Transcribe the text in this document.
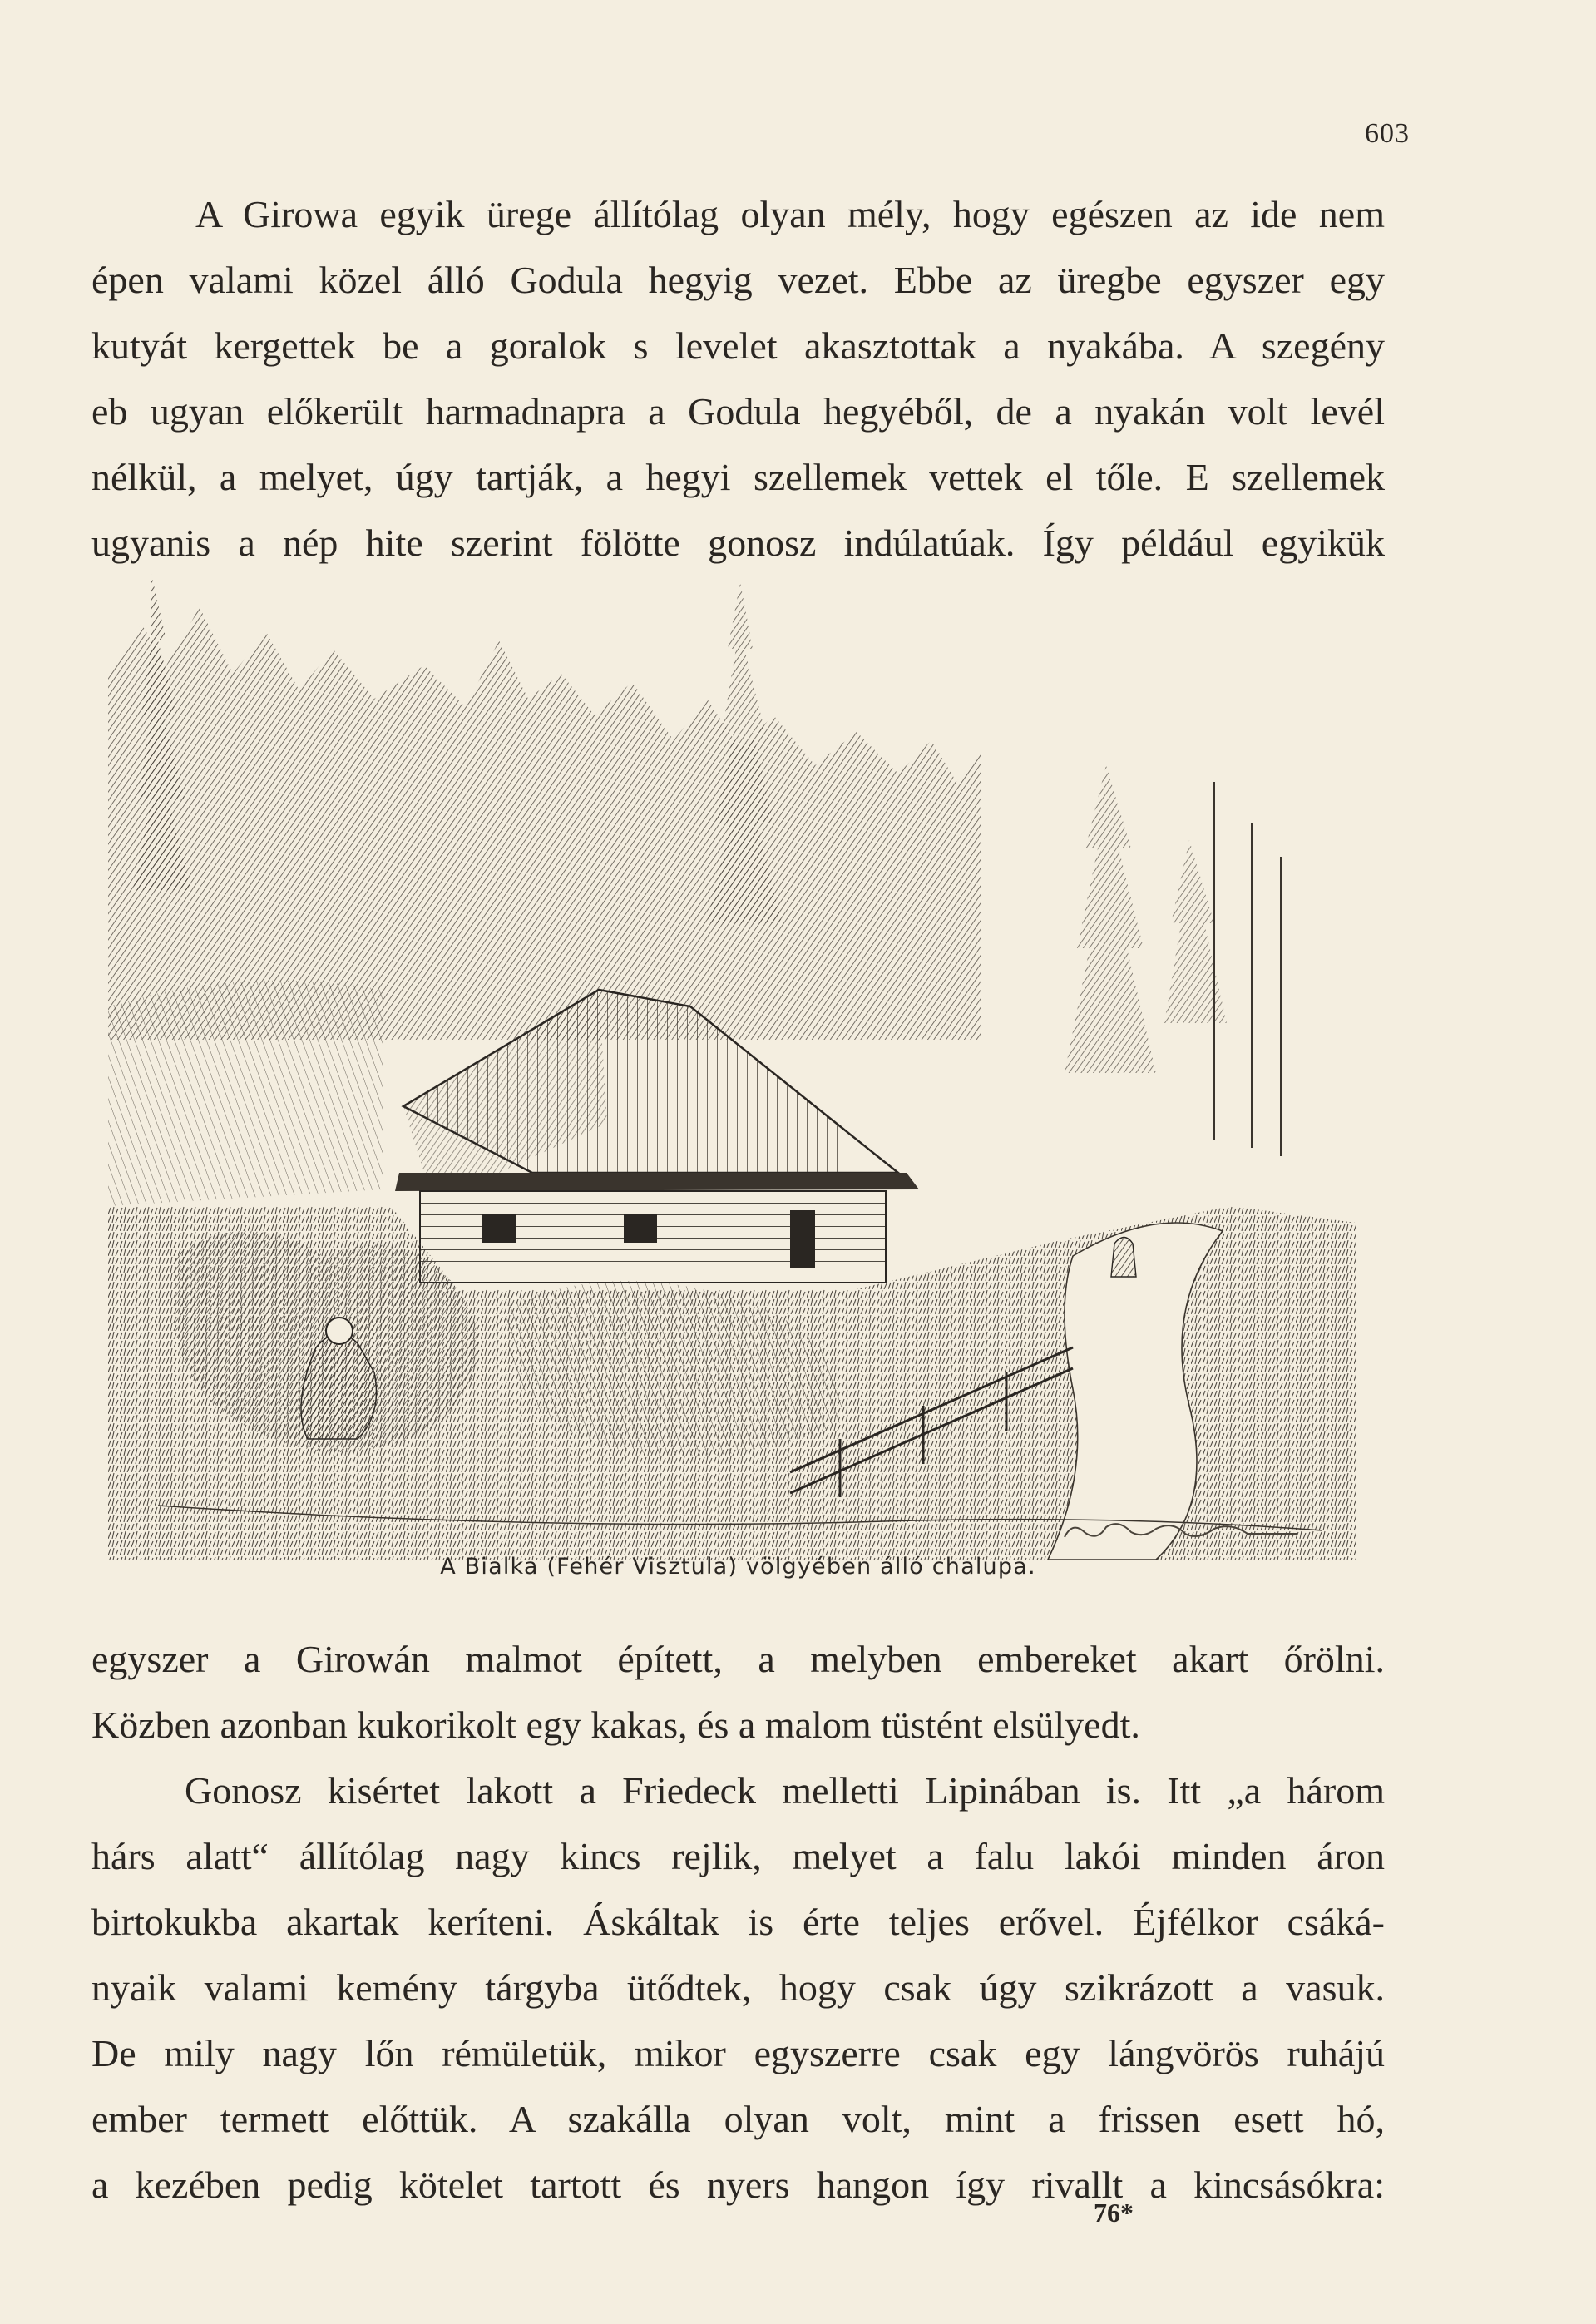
603
A Girowa egyik ürege állítólag olyan mély, hogy egészen az ide nem
épen valami közel álló Godula hegyig vezet. Ebbe az üregbe egyszer egy
kutyát kergettek be a goralok s levelet akasztottak a nyakába. A szegény
eb ugyan előkerült harmadnapra a Godula hegyéből, de a nyakán volt levél
nélkül, a melyet, úgy tartják, a hegyi szellemek vettek el tőle. E szellemek
ugyanis a nép hite szerint fölötte gonosz indúlatúak. Így például egyikük
A Bialka (Fehér Visztula) völgyében álló chalupa.
egyszer a Girowán malmot épített, a melyben embereket akart őrölni.
Közben azonban kukorikolt egy kakas, és a malom tüstént elsülyedt.
Gonosz kisértet lakott a Friedeck melletti Lipinában is. Itt „a három
hárs alatt“ állítólag nagy kincs rejlik, melyet a falu lakói minden áron
birtokukba akartak keríteni. Áskáltak is érte teljes erővel. Éjfélkor csáká-
nyaik valami kemény tárgyba ütődtek, hogy csak úgy szikrázott a vasuk.
De mily nagy lőn rémületük, mikor egyszerre csak egy lángvörös ruhájú
ember termett előttük. A szakálla olyan volt, mint a frissen esett hó,
a kezében pedig kötelet tartott és nyers hangon így rivallt a kincsásókra:
76*
